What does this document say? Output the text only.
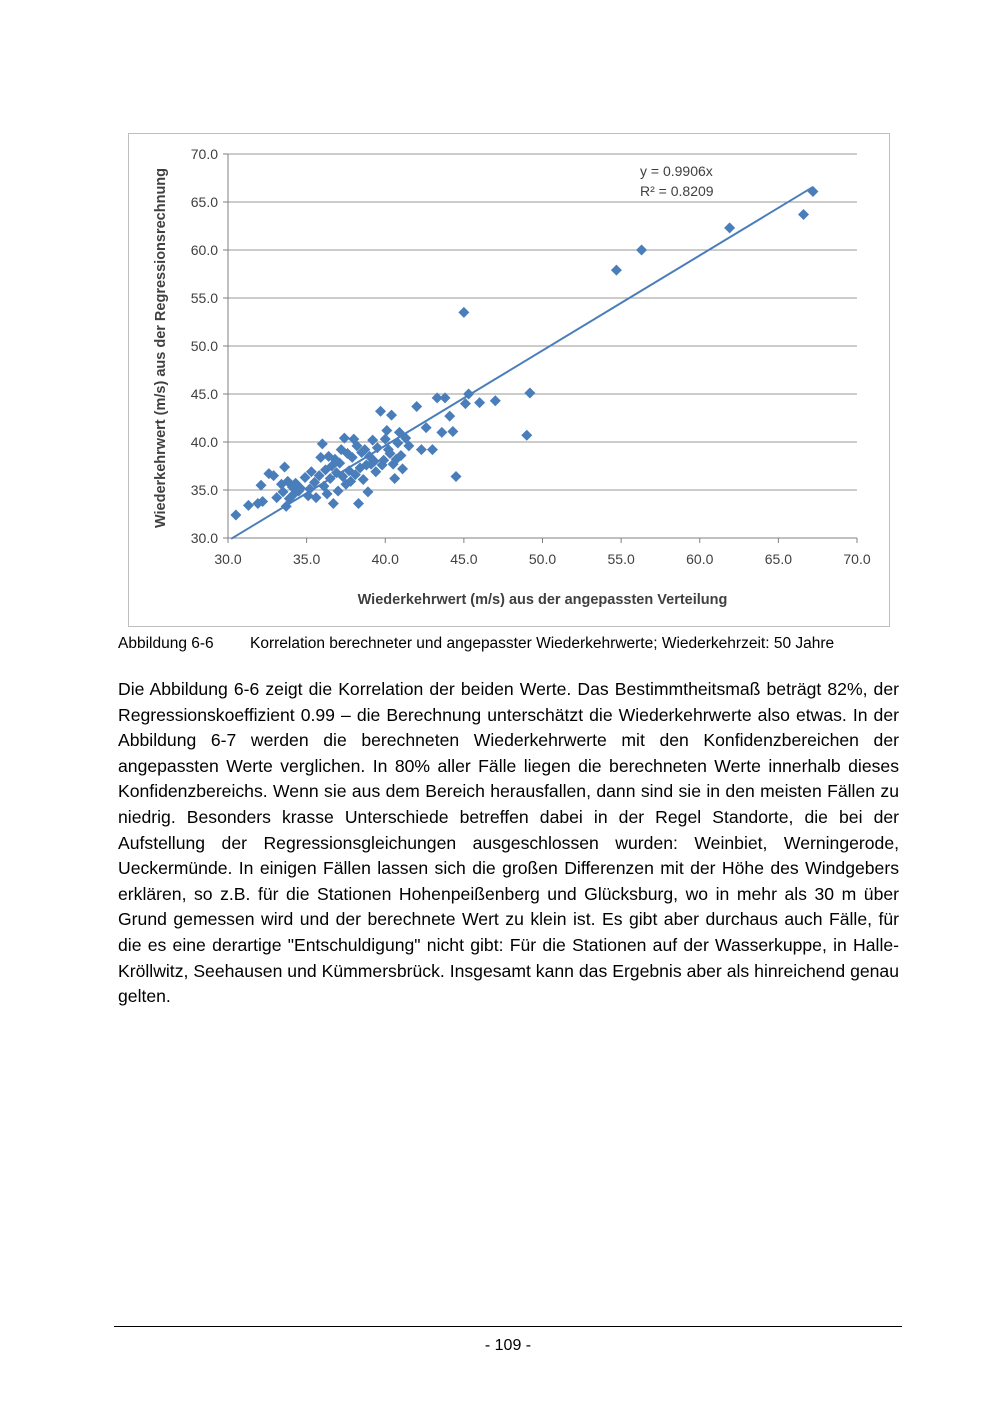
30.0
35.0
40.0
45.0
50.0
55.0
60.0
65.0
70.0
30.0	35.0	40.0	45.0	50.0	55.0	60.0	65.0	70.0
y = 0.9906x
R² = 0.8209
Wiederkehrwert (m/s) aus der angepassten Verteilung
Wiederkehrwert (m/s) aus der Regressionsrechnung
Abbildung 6-6 Korrelation berechneter und angepasster Wiederkehrwerte; Wiederkehrzeit: 50 Jahre

Die Abbildung 6-6 zeigt die Korrelation der beiden Werte. Das Bestimmtheitsmaß beträgt 82%, der Regressionskoeffizient 0.99 – die Berechnung unterschätzt die Wiederkehrwerte also etwas. In der Abbildung 6-7 werden die berechneten Wiederkehrwerte mit den Konfidenzbereichen der angepassten Werte verglichen. In 80% aller Fälle liegen die berechneten Werte innerhalb dieses Konfidenzbereichs. Wenn sie aus dem Bereich herausfallen, dann sind sie in den meisten Fällen zu niedrig. Besonders krasse Unterschiede betreffen dabei in der Regel Standorte, die bei der Aufstellung der Regressionsgleichungen ausgeschlossen wurden: Weinbiet, Werningerode, Ueckermünde. In einigen Fällen lassen sich die großen Differenzen mit der Höhe des Windgebers erklären, so z.B. für die Stationen Hohenpeißenberg und Glücksburg, wo in mehr als 30 m über Grund gemessen wird und der berechnete Wert zu klein ist. Es gibt aber durchaus auch Fälle, für die es eine derartige "Entschuldigung" nicht gibt: Für die Stationen auf der Wasserkuppe, in Halle-Kröllwitz, Seehausen und Kümmersbrück. Insgesamt kann das Ergebnis aber als hinreichend genau gelten.

- 109 -
